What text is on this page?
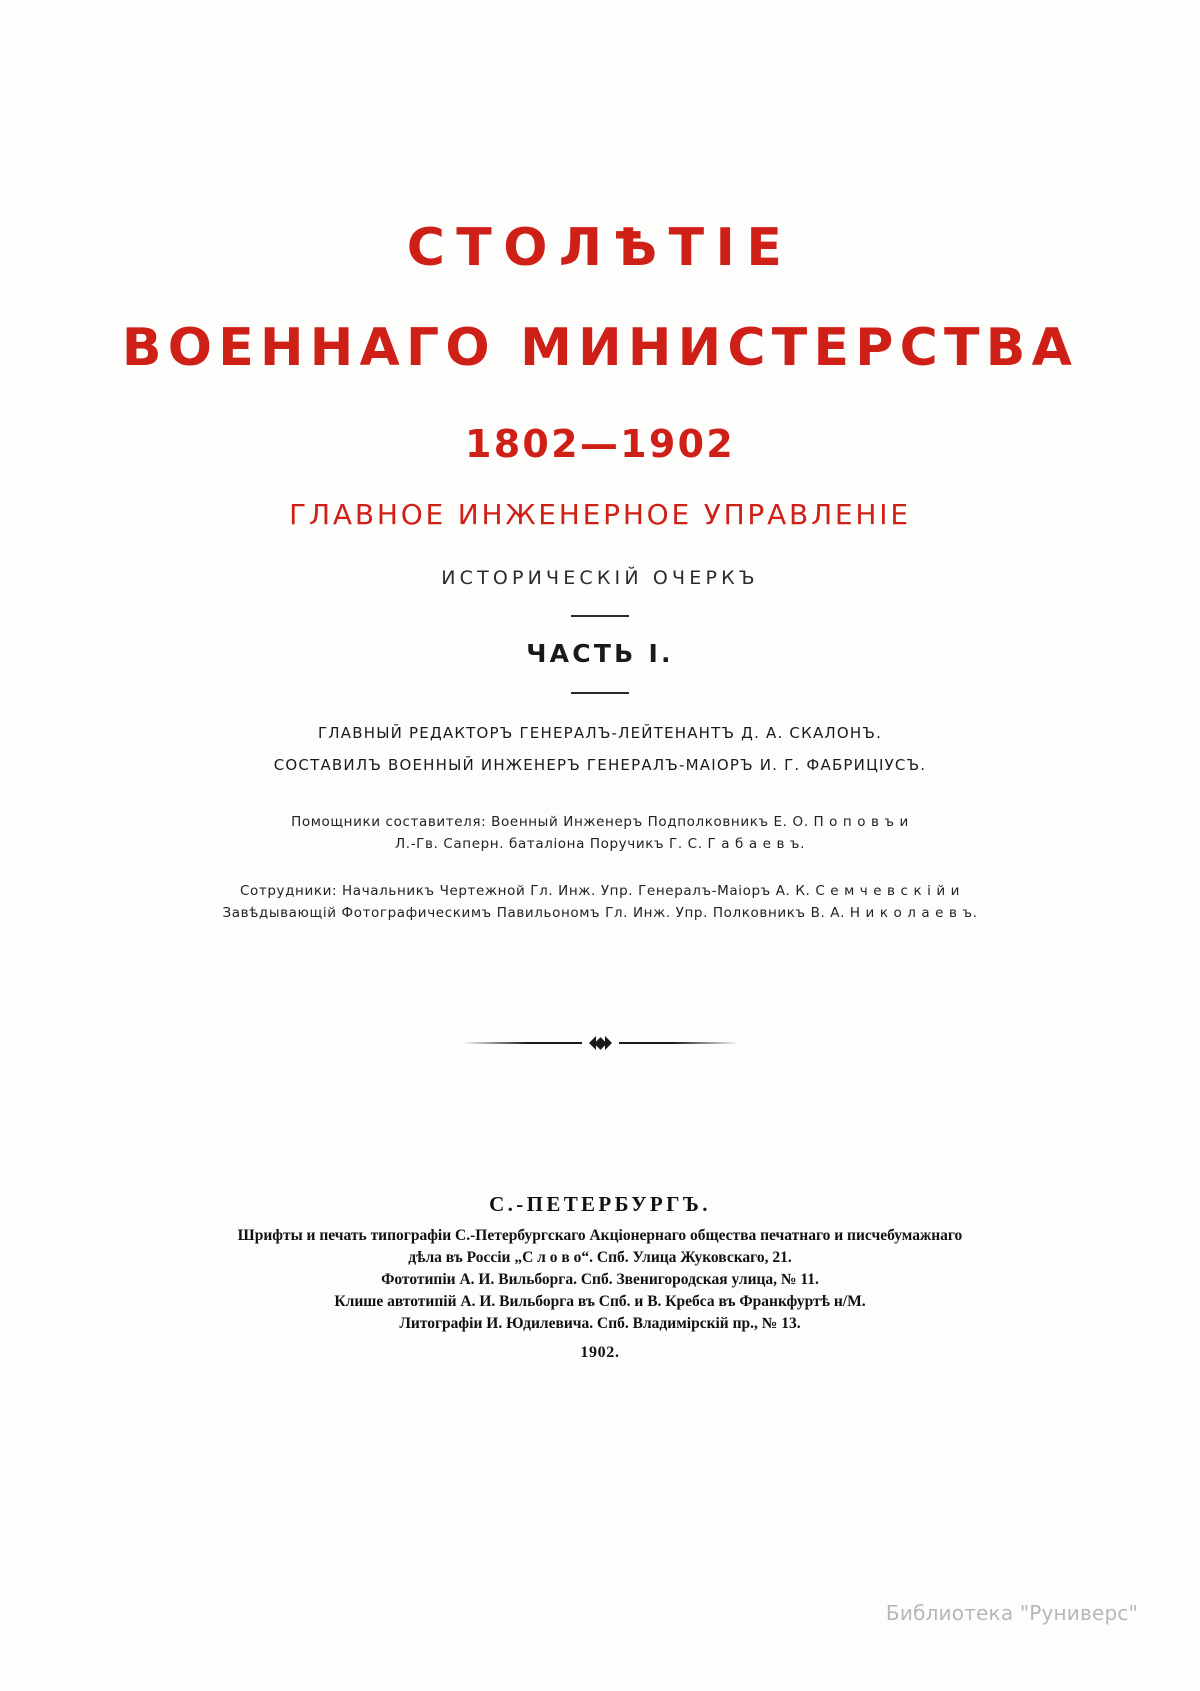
СТОЛѢТІЕ
ВОЕННАГО МИНИСТЕРСТВА
1802—1902
ГЛАВНОЕ ИНЖЕНЕРНОЕ УПРАВЛЕНІЕ
ИСТОРИЧЕСКІЙ ОЧЕРКЪ
ЧАСТЬ I.
ГЛАВНЫЙ РЕДАКТОРЪ ГЕНЕРАЛЪ-ЛЕЙТЕНАНТЪ Д. А. СКАЛОНЪ.
СОСТАВИЛЪ ВОЕННЫЙ ИНЖЕНЕРЪ ГЕНЕРАЛЪ-МАІОРЪ И. Г. ФАБРИЦІУСЪ.
Помощники составителя: Военный Инженеръ Подполковникъ Е. О. П о п о в ъ и
Л.-Гв. Саперн. баталіона Поручикъ Г. С. Г а б а е в ъ.
Сотрудники: Начальникъ Чертежной Гл. Инж. Упр. Генералъ-Маіоръ А. К. С е м ч е в с к і й и
Завѣдывающій Фотографическимъ Павильономъ Гл. Инж. Упр. Полковникъ В. А. Н и к о л а е в ъ.
С.-ПЕТЕРБУРГЪ.
Шрифты и печать типографіи С.-Петербургскаго Акціонернаго общества печатнаго и писчебумажнаго
дѣла въ Россіи „С л о в о“. Спб. Улица Жуковскаго, 21.
Фототипіи А. И. Вильборга. Спб. Звенигородская улица, № 11.
Клише автотипій А. И. Вильборга въ Спб. и В. Кребса въ Франкфуртѣ н/М.
Литографіи И. Юдилевича. Спб. Владимірскій пр., № 13.
1902.
Библиотека "Руниверс"
